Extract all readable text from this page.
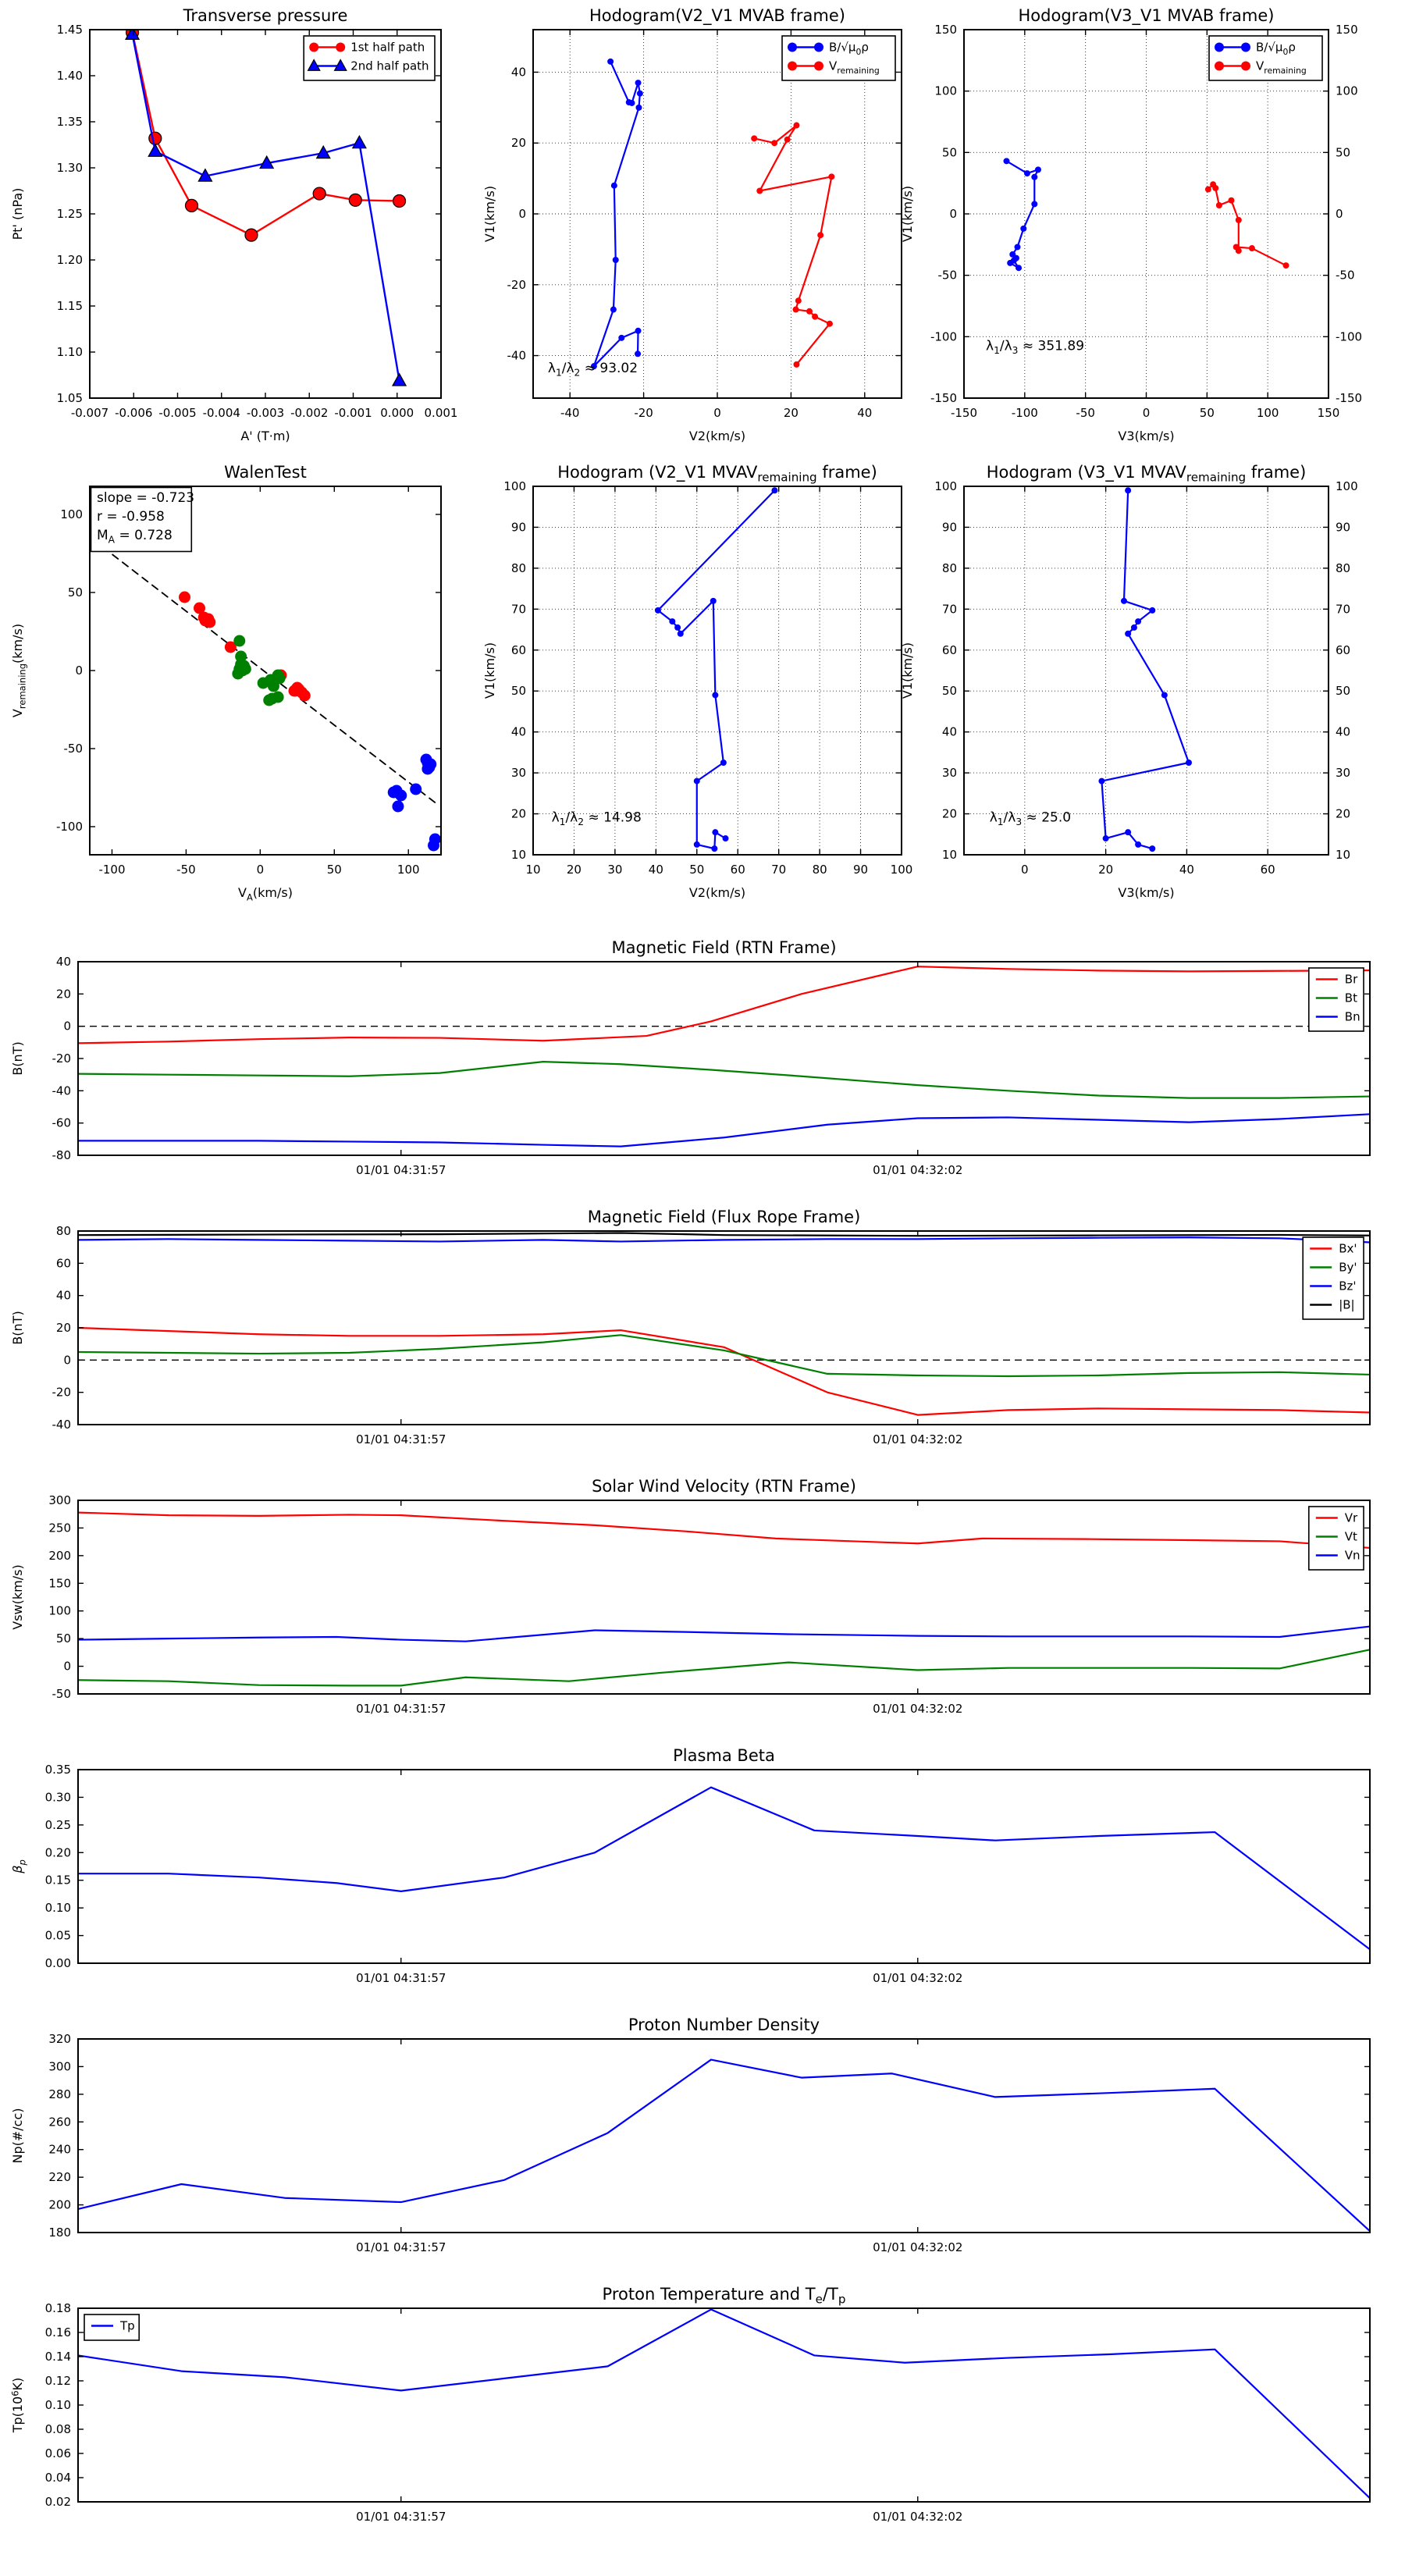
-0.007 -0.006 -0.005 -0.004 -0.003 -0.002 -0.001 0.000 0.001
1.05
1.10
1.15
1.20
1.25
1.30
1.35
1.40
1.45
Transverse pressure
A' (T·m)
Pt' (nPa)
1st half path
2nd half path
-40	-20	0	20	40
-40
-20
0
20
40
Hodogram(V2_V1 MVAB frame)
V2(km/s)
V1(km/s)
$\lambda_1/\lambda_2 \approx 93.02$
$B/√\mu_0\rho$
$V_{remaining}$
-150	-100	-50	0	50	100	150
-150	-150
-100	-100
-50	-50
0	0
50	50
100	100
150	150
Hodogram(V3_V1 MVAB frame)
V3(km/s)
V1(km/s)
$\lambda_1/\lambda_3 \approx 351.89$
$B/√\mu_0\rho$
$V_{remaining}$
-100	-50	0	50	100
-100
-50
0
50
100
WalenTest
$V_A(km/s)$
$V_{remaining}(km/s)$
slope = -0.723
r = -0.958
$M_A = 0.728$
10 20 30 40 50 60 70 80 90 100
10
20
30
40
50
60
70
80
90
100
Hodogram (V2_V1 $MVAV_{remaining}$ frame)
V2(km/s)
V1(km/s)
$\lambda_1/\lambda_2 \approx 14.98$
0	20	40	60
10	10
20	20
30	30
40	40
50	50
60	60
70	70
80	80
90	90
100	100
Hodogram (V3_V1 $MVAV_{remaining}$ frame)
V3(km/s)
V1(km/s)
$\lambda_1/\lambda_3 \approx 25.0$
01/01 04:31:57	01/01 04:32:02
-80
-60
-40
-20
0
20
40
Magnetic Field (RTN Frame)
B(nT)
Br
Bt
Bn
01/01 04:31:57	01/01 04:32:02
-40
-20
0
20
40
60
80
Magnetic Field (Flux Rope Frame)
B(nT)
Bx'
By'
Bz'
|B|
01/01 04:31:57	01/01 04:32:02
-50
0
50
100
150
200
250
300
Solar Wind Velocity (RTN Frame)
Vsw(km/s)
Vr
Vt
Vn
01/01 04:31:57	01/01 04:32:02
0.00
0.05
0.10
0.15
0.20
0.25
0.30
0.35
Plasma Beta
$\beta_p$
01/01 04:31:57	01/01 04:32:02
180
200
220
240
260
280
300
320
Proton Number Density
Np(#/cc)
01/01 04:31:57	01/01 04:32:02
0.02
0.04
0.06
0.08
0.10
0.12
0.14
0.16
0.18
Proton Temperature and $T_e/T_p$
$Tp(10^6K)$
Tp
